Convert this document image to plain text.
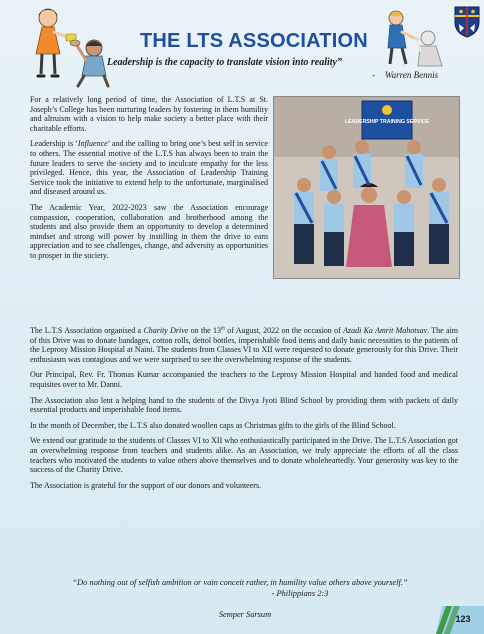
THE LTS ASSOCIATION
Leadership is the capacity to translate vision into reality”
- Warren Bennis

For a relatively long period of time, the Association of L.T.S at St. Joseph’s College has been nurturing leaders by fostering in them humility and altruism with a vision to help make society a better place with their charitable efforts.

Leadership is ‘Influence’ and the calling to bring one’s best self in service to others. The essential motive of the L.T.S has always been to train the future leaders to serve the society and to inculcate empathy for the less privileged. Hence, this year, the Association of Leadership Training Service took the initiative to extend help to the unfortunate, marginalised and diseased around us.

The Academic Year, 2022-2023 saw the Association encourage compassion, cooperation, collaboration and brotherhood among the students and also provide them an opportunity to develop a determined mindset and strong will power by instilling in them the drive to earn appreciation and to see challenges, change, and adversity as opportunities to prosper in the society.

LEADERSHIP TRAINING SERVICE

The L.T.S Association organised a Charity Drive on the 13th of August, 2022 on the occasion of Azadi Ka Amrit Mahotsav. The aim of this Drive was to donate bandages, cotton rolls, dettol bottles, imperishable food items and daily basic necessities to the patients of the Leprosy Mission Hospital at Naini. The students from Classes VI to XII were requested to donate generously for this Drive. Their enthusiasm was contagious and we were surprised to see the overwhelming response of the students.

Our Principal, Rev. Fr. Thomas Kumar accompanied the teachers to the Leprosy Mission Hospital and handed food and medical requisites over to Mr. Danni.

The Association also lent a helping hand to the students of the Divya Jyoti Blind School by providing them with packets of daily essential products and imperishable food items.

In the month of December, the L.T.S also donated woollen caps as Christmas gifts to the girls of the Blind School.

We extend our gratitude to the students of Classes VI to XII who enthusiastically participated in the Drive. The L.T.S Association got an overwhelming response from teachers and students alike. As an Association, we truly appreciate the efforts of all the class teachers who motivated the students to value others above themselves and to donate wholeheartedly. Your generosity was key to the success of the Charity Drive.

The Association is grateful for the support of our donors and volunteers.

“Do nothing out of selfish ambition or vain conceit rather, in humility value others above yourself.”
- Philippians 2:3
Semper Sursum	123
